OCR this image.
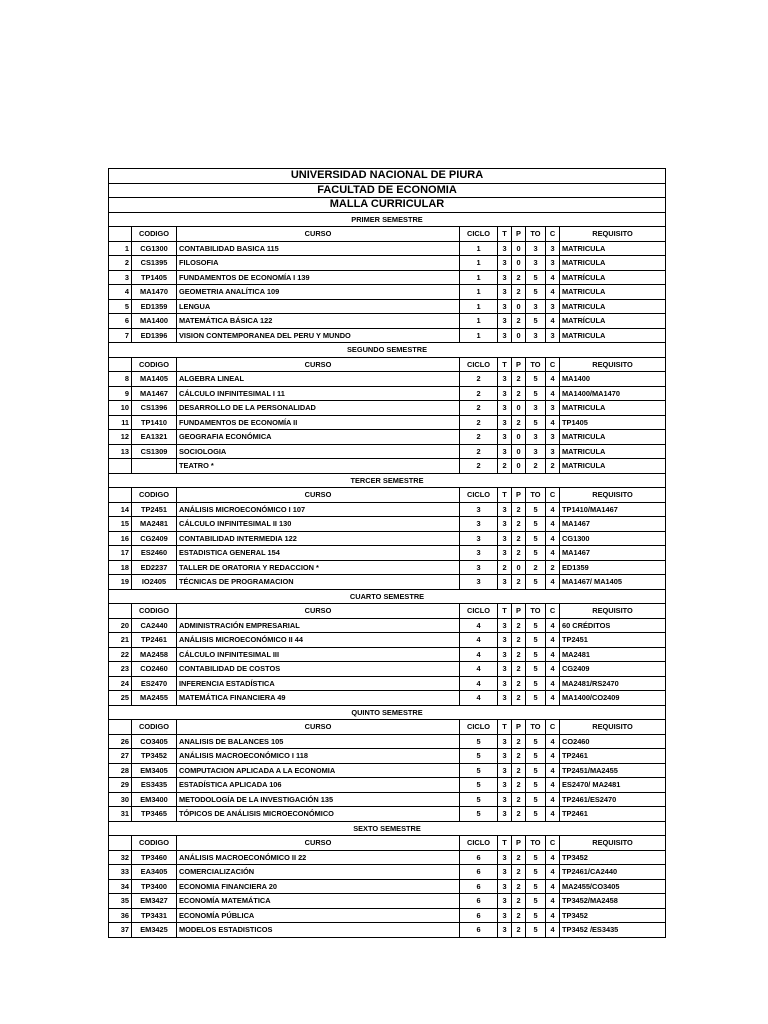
UNIVERSIDAD NACIONAL DE PIURA								
FACULTAD DE ECONOMIA								
MALLA CURRICULAR								
PRIMER SEMESTRE								
	CODIGO	CURSO	CICLO	T	P	TO	C	REQUISITO
1	CG1300	CONTABILIDAD BASICA 115	1	3	0	3	3	MATRICULA
2	CS1395	FILOSOFIA	1	3	0	3	3	MATRICULA
3	TP1405	FUNDAMENTOS DE ECONOMÍA I 139	1	3	2	5	4	MATRÍCULA
4	MA1470	GEOMETRIA ANALÍTICA 109	1	3	2	5	4	MATRICULA
5	ED1359	LENGUA	1	3	0	3	3	MATRICULA
6	MA1400	MATEMÁTICA BÁSICA 122	1	3	2	5	4	MATRÍCULA
7	ED1396	VISION CONTEMPORANEA DEL PERU Y MUNDO	1	3	0	3	3	MATRICULA
SEGUNDO SEMESTRE								
	CODIGO	CURSO	CICLO	T	P	TO	C	REQUISITO
8	MA1405	ALGEBRA LINEAL	2	3	2	5	4	MA1400
9	MA1467	CÁLCULO INFINITESIMAL I 11	2	3	2	5	4	MA1400/MA1470
10	CS1396	DESARROLLO DE LA PERSONALIDAD	2	3	0	3	3	MATRICULA
11	TP1410	FUNDAMENTOS DE ECONOMÍA II	2	3	2	5	4	TP1405
12	EA1321	GEOGRAFIA ECONÓMICA	2	3	0	3	3	MATRICULA
13	CS1309	SOCIOLOGIA	2	3	0	3	3	MATRICULA
		TEATRO *	2	2	0	2	2	MATRICULA
TERCER SEMESTRE								
	CODIGO	CURSO	CICLO	T	P	TO	C	REQUISITO
14	TP2451	ANÁLISIS MICROECONÓMICO I 107	3	3	2	5	4	TP1410/MA1467
15	MA2481	CÁLCULO INFINITESIMAL II 130	3	3	2	5	4	MA1467
16	CG2409	CONTABILIDAD INTERMEDIA 122	3	3	2	5	4	CG1300
17	ES2460	ESTADISTICA GENERAL 154	3	3	2	5	4	MA1467
18	ED2237	TALLER DE ORATORIA Y REDACCION *	3	2	0	2	2	ED1359
19	IO2405	TÉCNICAS DE PROGRAMACION	3	3	2	5	4	MA1467/ MA1405
CUARTO SEMESTRE								
	CODIGO	CURSO	CICLO	T	P	TO	C	REQUISITO
20	CA2440	ADMINISTRACIÓN EMPRESARIAL	4	3	2	5	4	60 CRÉDITOS
21	TP2461	ANÁLISIS MICROECONÓMICO II 44	4	3	2	5	4	TP2451
22	MA2458	CÁLCULO INFINITESIMAL III	4	3	2	5	4	MA2481
23	CO2460	CONTABILIDAD DE COSTOS	4	3	2	5	4	CG2409
24	ES2470	INFERENCIA ESTADÍSTICA	4	3	2	5	4	MA2481/RS2470
25	MA2455	MATEMÁTICA FINANCIERA 49	4	3	2	5	4	MA1400/CO2409
QUINTO SEMESTRE								
	CODIGO	CURSO	CICLO	T	P	TO	C	REQUISITO
26	CO3405	ANALISIS DE BALANCES 105	5	3	2	5	4	CO2460
27	TP3452	ANÁLISIS MACROECONÓMICO I 118	5	3	2	5	4	TP2461
28	EM3405	COMPUTACION APLICADA A LA ECONOMIA	5	3	2	5	4	TP2451/MA2455
29	ES3435	ESTADÍSTICA APLICADA 106	5	3	2	5	4	ES2470/ MA2481
30	EM3400	METODOLOGÍA DE LA INVESTIGACIÓN 135	5	3	2	5	4	TP2461/ES2470
31	TP3465	TÓPICOS DE ANÁLISIS MICROECONÓMICO	5	3	2	5	4	TP2461
SEXTO SEMESTRE								
	CODIGO	CURSO	CICLO	T	P	TO	C	REQUISITO
32	TP3460	ANÁLISIS MACROECONÓMICO II 22	6	3	2	5	4	TP3452
33	EA3405	COMERCIALIZACIÓN	6	3	2	5	4	TP2461/CA2440
34	TP3400	ECONOMIA FINANCIERA 20	6	3	2	5	4	MA2455/CO3405
35	EM3427	ECONOMÍA MATEMÁTICA	6	3	2	5	4	TP3452/MA2458
36	TP3431	ECONOMÍA PÚBLICA	6	3	2	5	4	TP3452
37	EM3425	MODELOS ESTADISTICOS	6	3	2	5	4	TP3452 /ES3435
